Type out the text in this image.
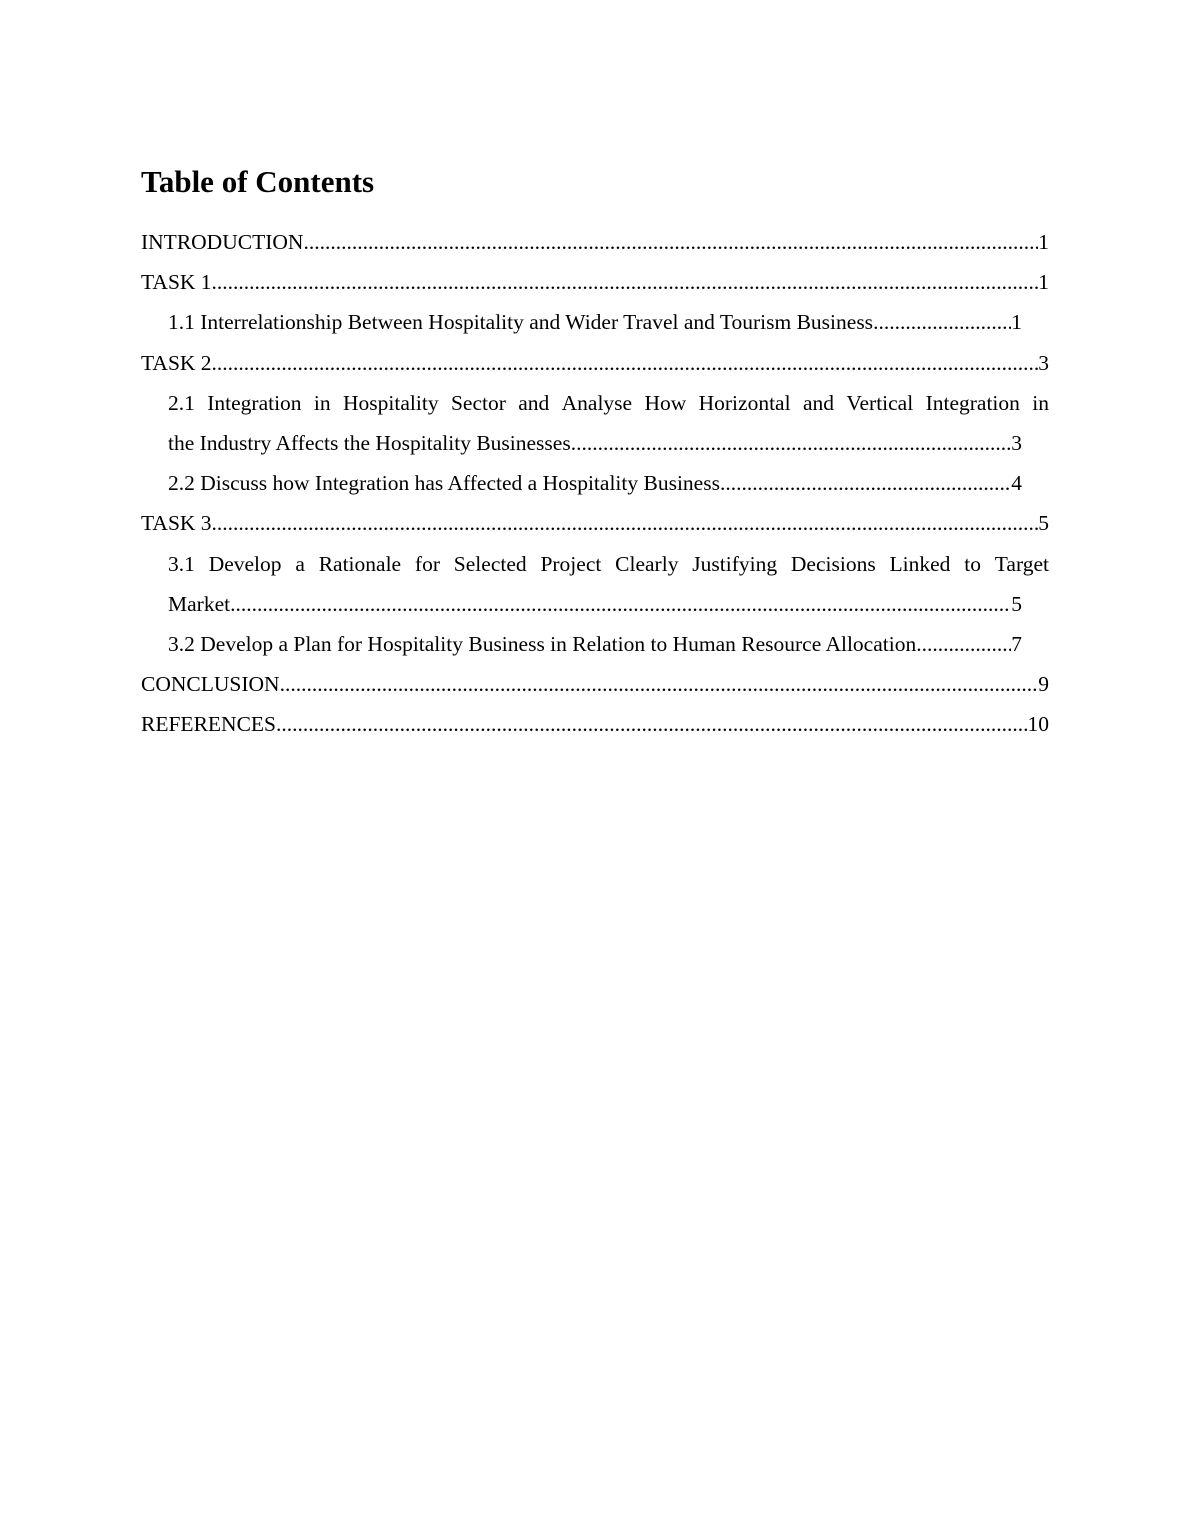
Table of Contents
INTRODUCTION .....	1
TASK 1 .....	1
1.1 Interrelationship Between Hospitality and Wider Travel and Tourism Business .....	1
TASK 2 .....	3
2.1 Integration in Hospitality Sector and Analyse How Horizontal and Vertical Integration in
the Industry Affects the Hospitality Businesses .....	3
2.2 Discuss how Integration has Affected a Hospitality Business .....	4
TASK 3 .....	5
3.1 Develop a Rationale for Selected Project Clearly Justifying Decisions Linked to Target
Market .....	5
3.2 Develop a Plan for Hospitality Business in Relation to Human Resource Allocation .....	7
CONCLUSION .....	9
REFERENCES .....	10
